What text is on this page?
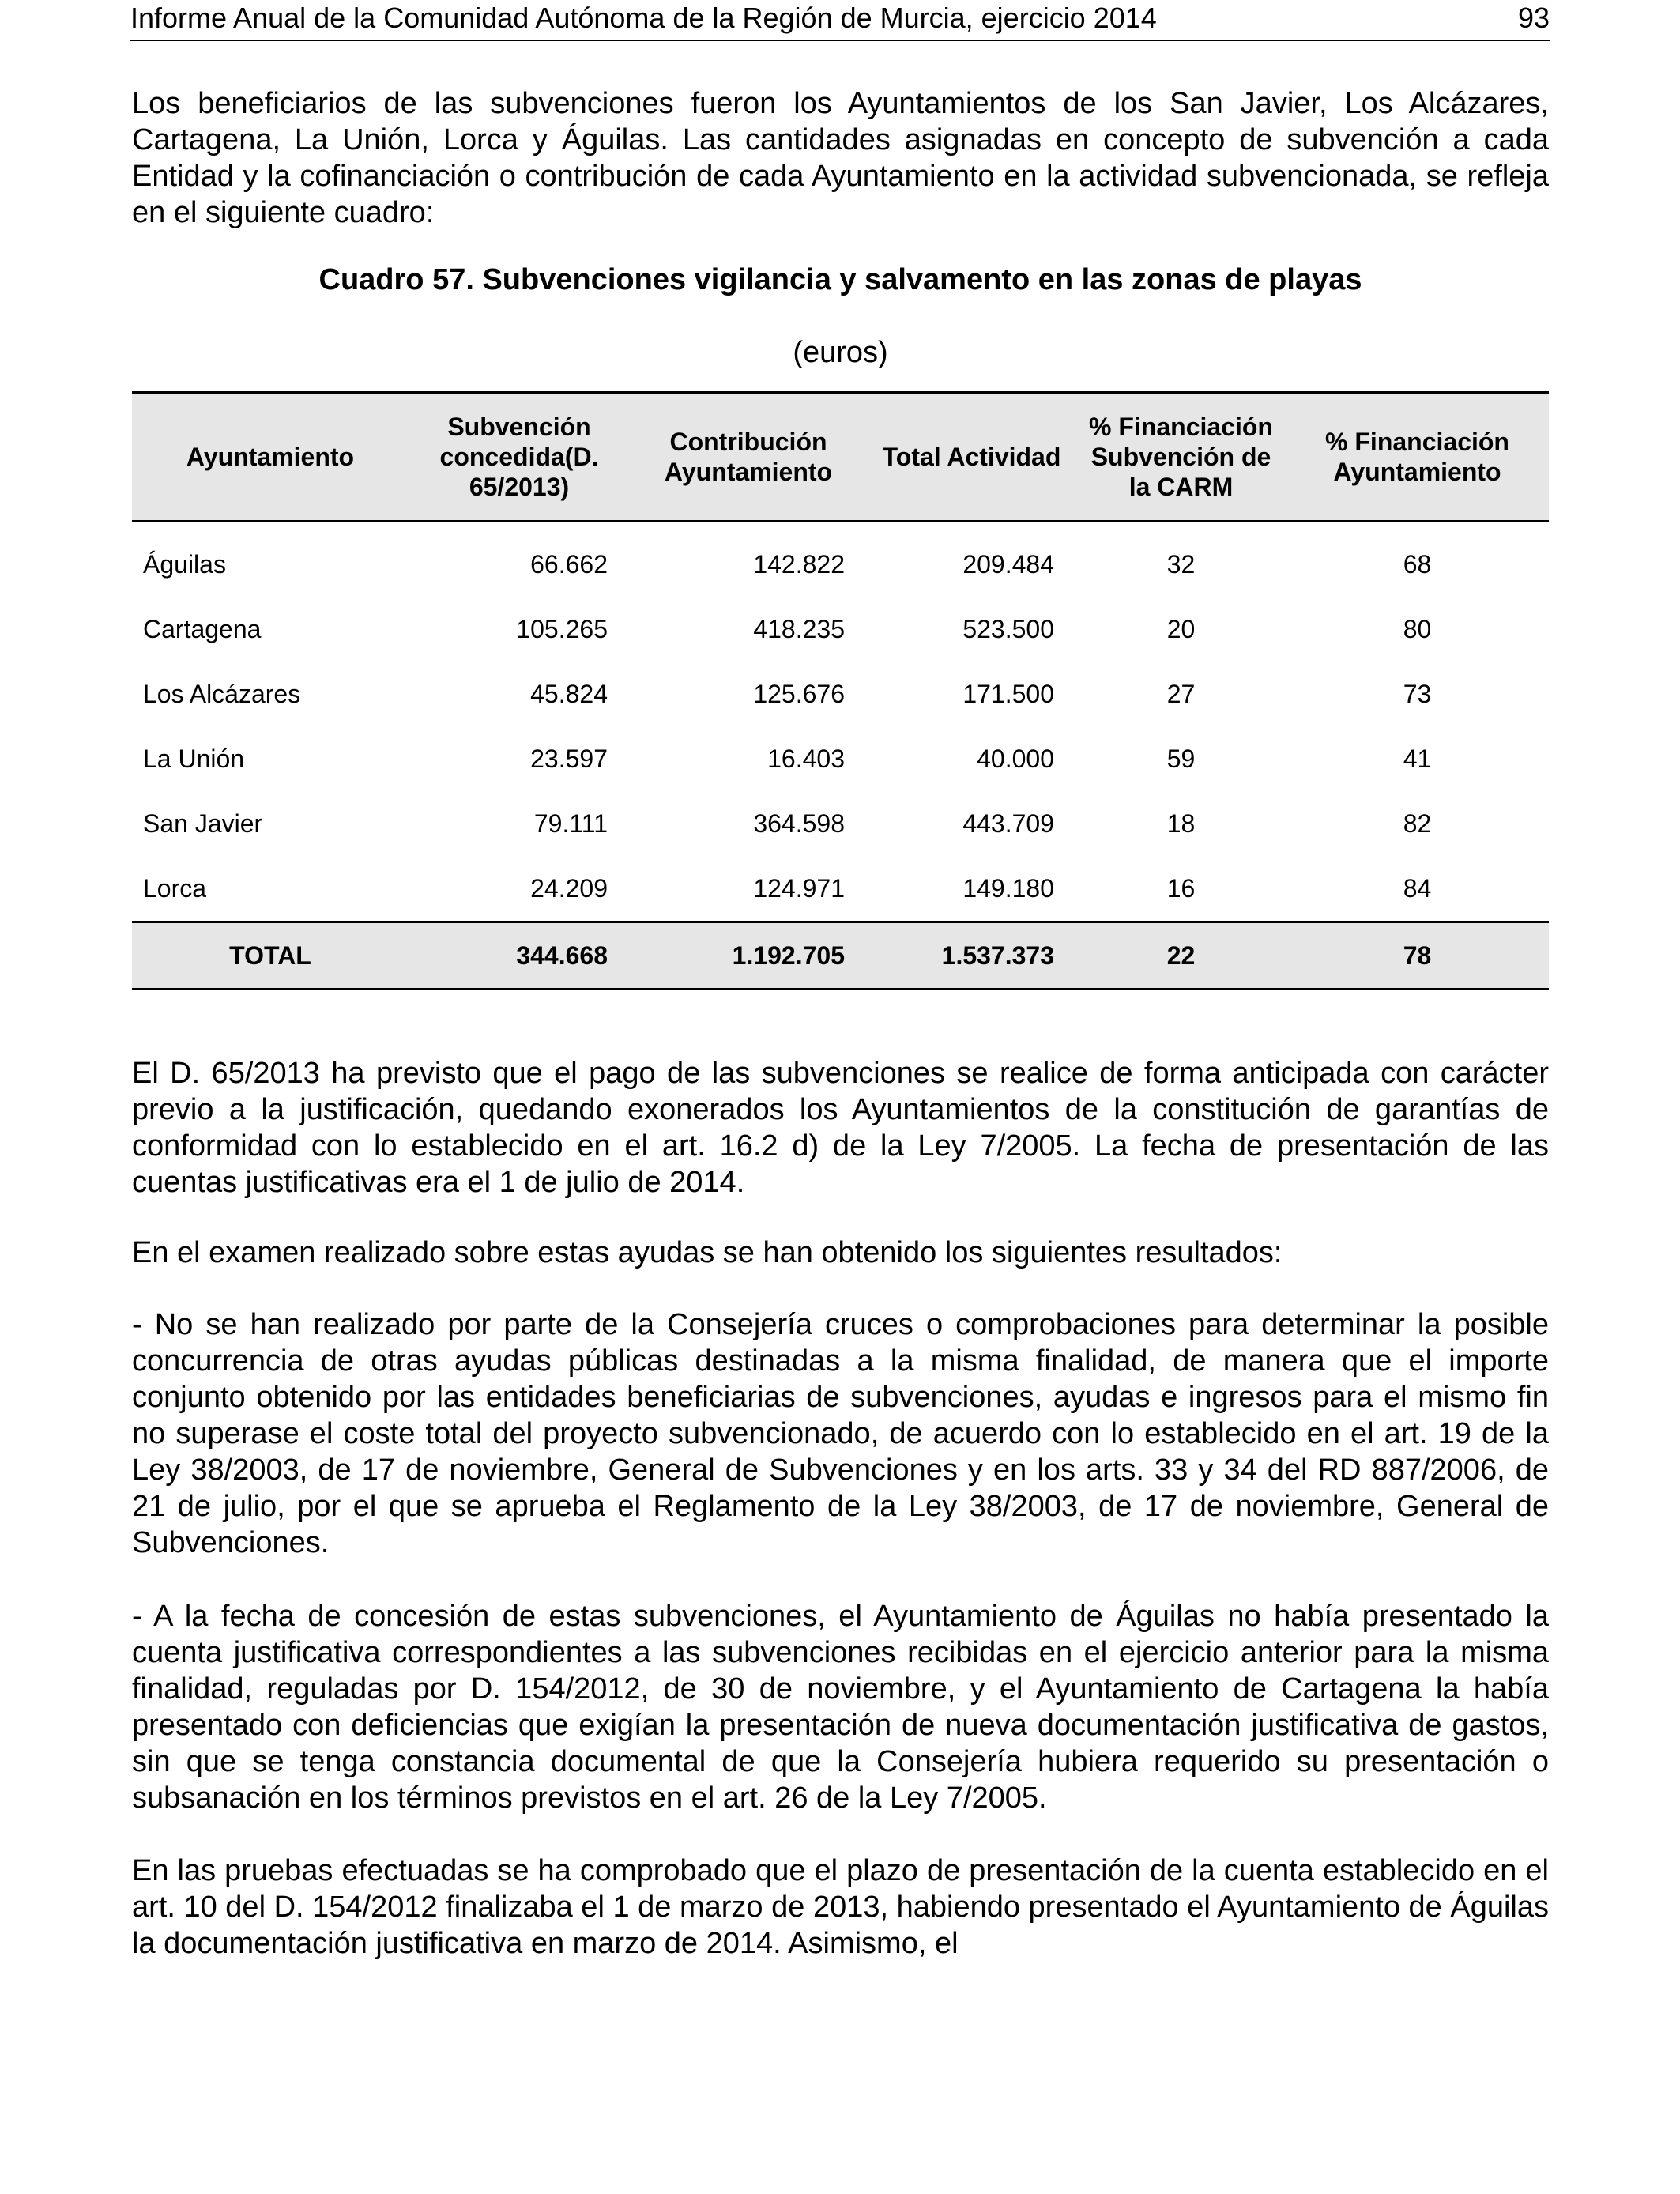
Informe Anual de la Comunidad Autónoma de la Región de Murcia, ejercicio 2014	93

Los beneficiarios de las subvenciones fueron los Ayuntamientos de los San Javier, Los Alcázares, Cartagena, La Unión, Lorca y Águilas. Las cantidades asignadas en concepto de subvención a cada Entidad y la cofinanciación o contribución de cada Ayuntamiento en la actividad subvencionada, se refleja en el siguiente cuadro:

Cuadro 57. Subvenciones vigilancia y salvamento en las zonas de playas
(euros)
Ayuntamiento	Subvención concedida(D. 65/2013)	Contribución Ayuntamiento	Total Actividad	% Financiación Subvención de la CARM	% Financiación Ayuntamiento
Águilas	66.662	142.822	209.484	32	68
Cartagena	105.265	418.235	523.500	20	80
Los Alcázares	45.824	125.676	171.500	27	73
La Unión	23.597	16.403	40.000	59	41
San Javier	79.111	364.598	443.709	18	82
Lorca	24.209	124.971	149.180	16	84
TOTAL	344.668	1.192.705	1.537.373	22	78

El D. 65/2013 ha previsto que el pago de las subvenciones se realice de forma anticipada con carácter previo a la justificación, quedando exonerados los Ayuntamientos de la constitución de garantías de conformidad con lo establecido en el art. 16.2 d) de la Ley 7/2005. La fecha de presentación de las cuentas justificativas era el 1 de julio de 2014.

En el examen realizado sobre estas ayudas se han obtenido los siguientes resultados:

- No se han realizado por parte de la Consejería cruces o comprobaciones para determinar la posible concurrencia de otras ayudas públicas destinadas a la misma finalidad, de manera que el importe conjunto obtenido por las entidades beneficiarias de subvenciones, ayudas e ingresos para el mismo fin no superase el coste total del proyecto subvencionado, de acuerdo con lo establecido en el art. 19 de la Ley 38/2003, de 17 de noviembre, General de Subvenciones y en los arts. 33 y 34 del RD 887/2006, de 21 de julio, por el que se aprueba el Reglamento de la Ley 38/2003, de 17 de noviembre, General de Subvenciones.

- A la fecha de concesión de estas subvenciones, el Ayuntamiento de Águilas no había presentado la cuenta justificativa correspondientes a las subvenciones recibidas en el ejercicio anterior para la misma finalidad, reguladas por D. 154/2012, de 30 de noviembre, y el Ayuntamiento de Cartagena la había presentado con deficiencias que exigían la presentación de nueva documentación justificativa de gastos, sin que se tenga constancia documental de que la Consejería hubiera requerido su presentación o subsanación en los términos previstos en el art. 26 de la Ley 7/2005.

En las pruebas efectuadas se ha comprobado que el plazo de presentación de la cuenta establecido en el art. 10 del D. 154/2012 finalizaba el 1 de marzo de 2013, habiendo presentado el Ayuntamiento de Águilas la documentación justificativa en marzo de 2014. Asimismo, el
